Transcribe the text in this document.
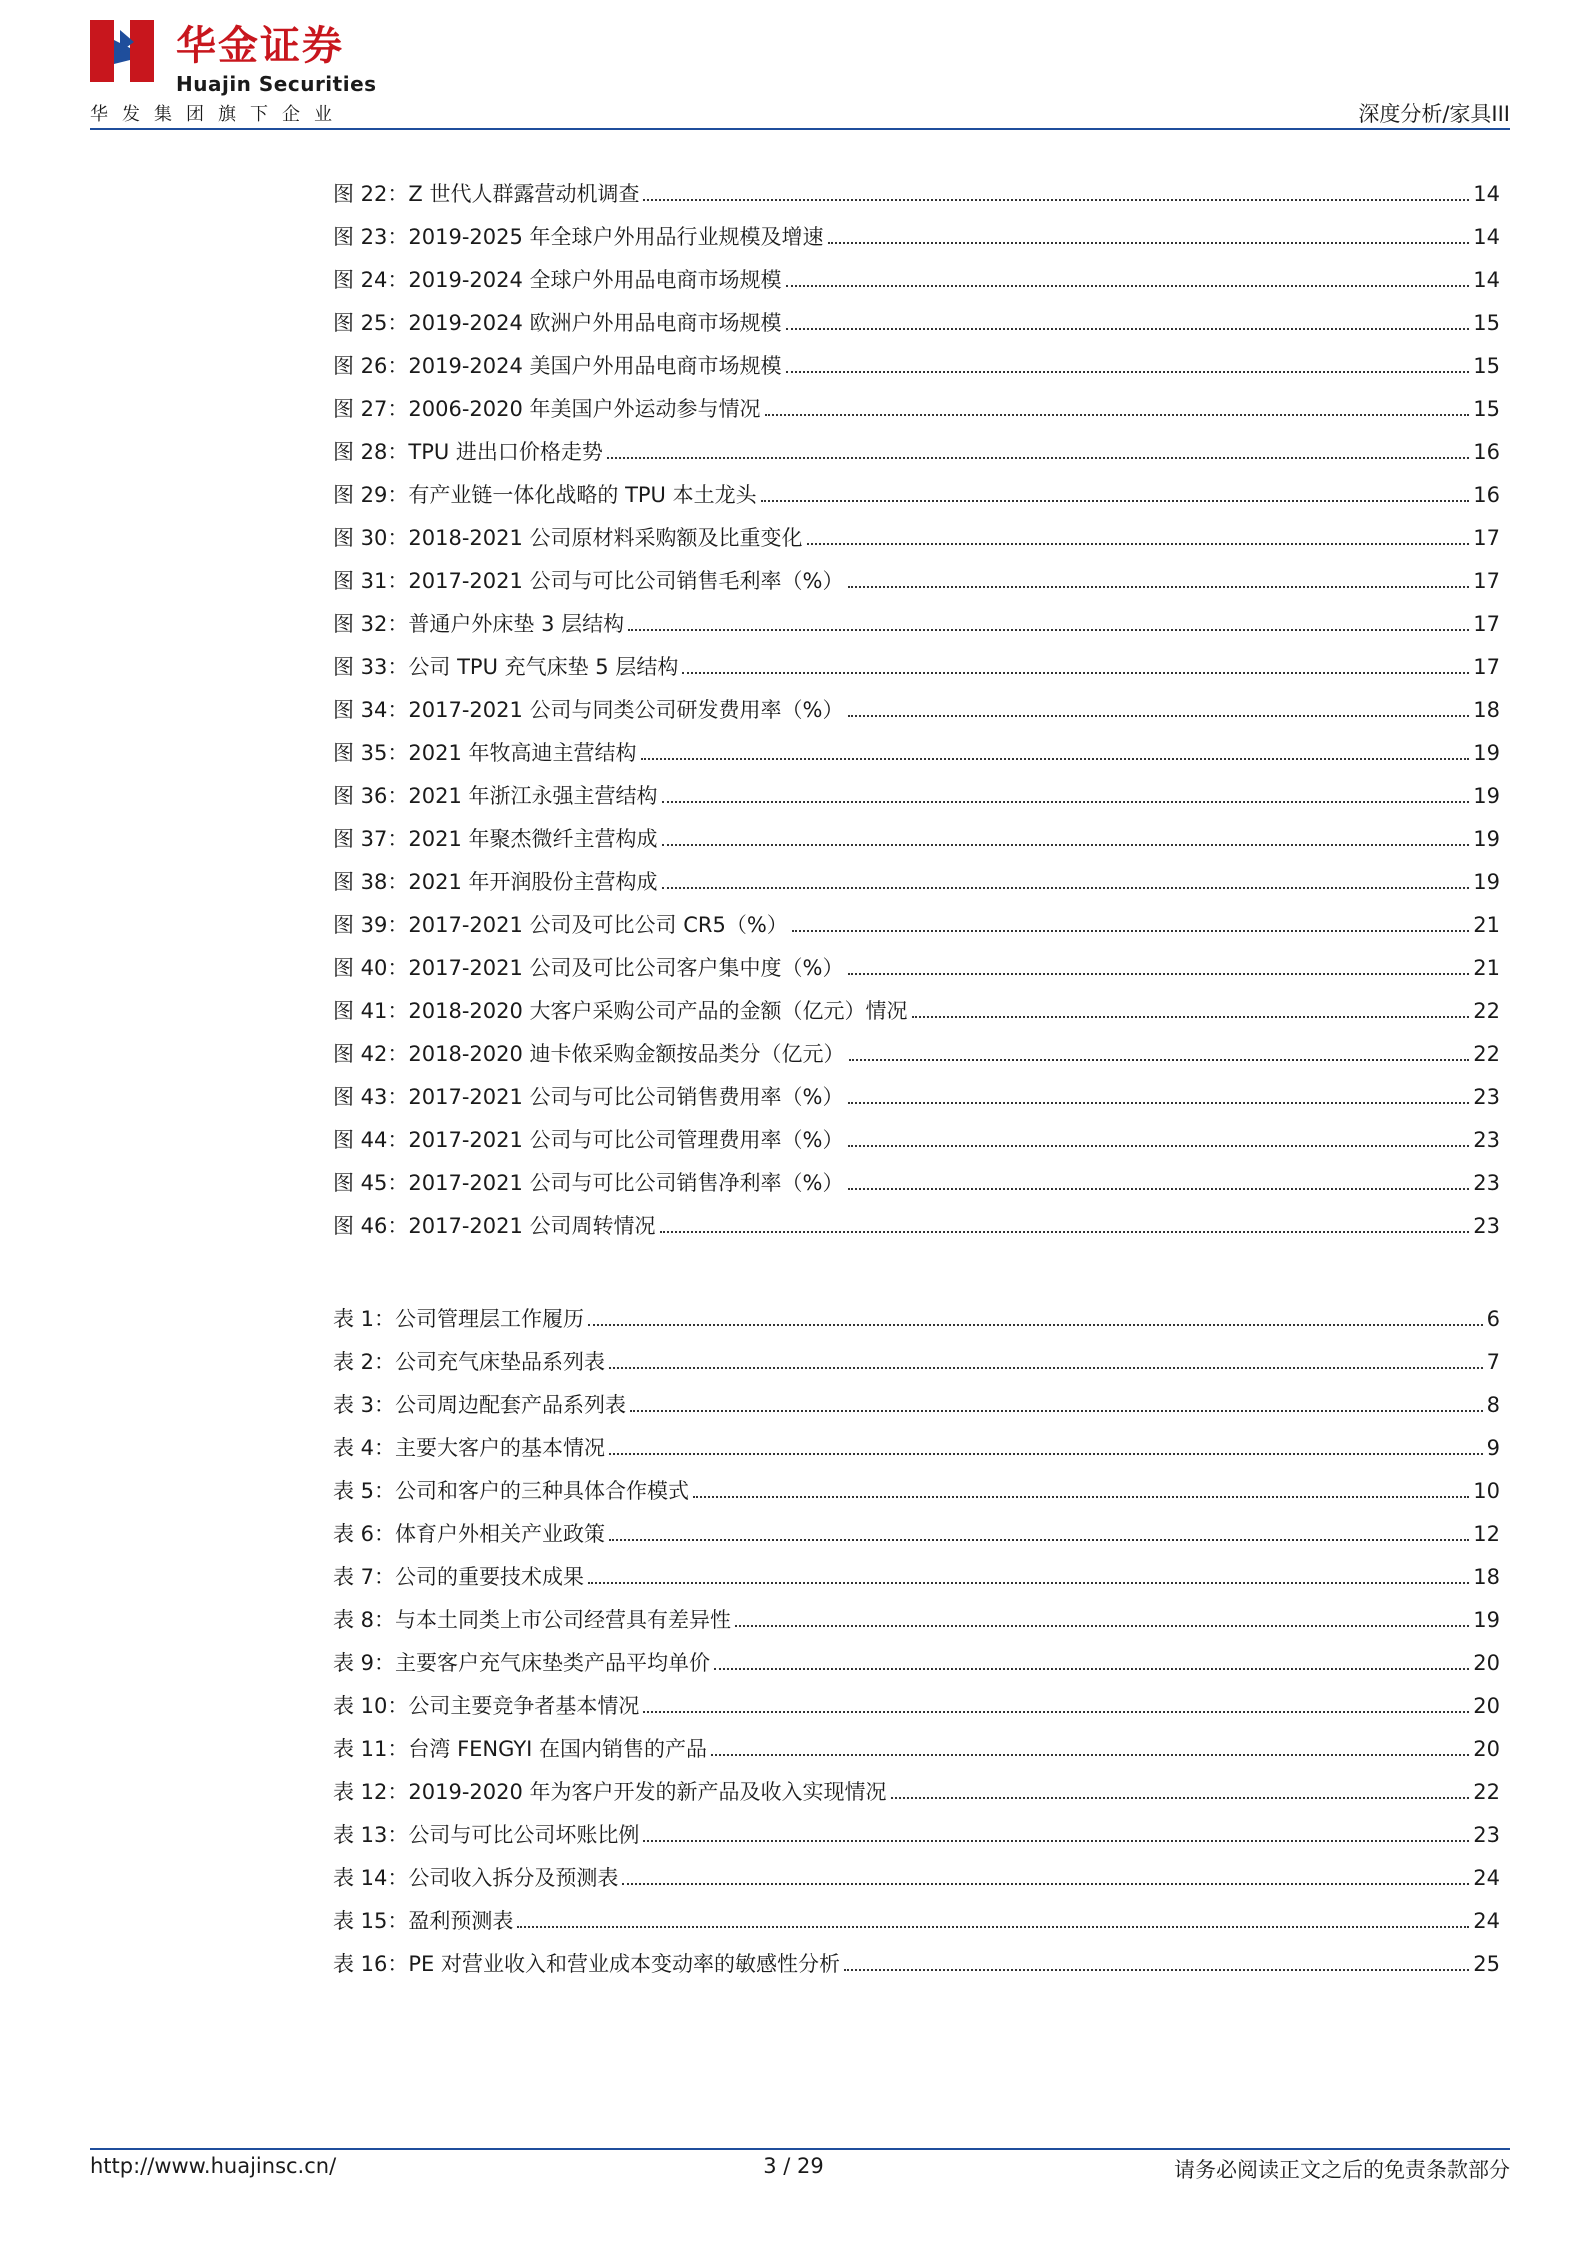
华金证券
Huajin Securities
华发集团旗下企业	深度分析/家具III
图 22：Z 世代人群露营动机调查	14
图 23：2019-2025 年全球户外用品行业规模及增速	14
图 24：2019-2024 全球户外用品电商市场规模	14
图 25：2019-2024 欧洲户外用品电商市场规模	15
图 26：2019-2024 美国户外用品电商市场规模	15
图 27：2006-2020 年美国户外运动参与情况	15
图 28：TPU 进出口价格走势	16
图 29：有产业链一体化战略的 TPU 本土龙头	16
图 30：2018-2021 公司原材料采购额及比重变化	17
图 31：2017-2021 公司与可比公司销售毛利率（%）	17
图 32：普通户外床垫 3 层结构	17
图 33：公司 TPU 充气床垫 5 层结构	17
图 34：2017-2021 公司与同类公司研发费用率（%）	18
图 35：2021 年牧高迪主营结构	19
图 36：2021 年浙江永强主营结构	19
图 37：2021 年聚杰微纤主营构成	19
图 38：2021 年开润股份主营构成	19
图 39：2017-2021 公司及可比公司 CR5（%）	21
图 40：2017-2021 公司及可比公司客户集中度（%）	21
图 41：2018-2020 大客户采购公司产品的金额（亿元）情况	22
图 42：2018-2020 迪卡侬采购金额按品类分（亿元）	22
图 43：2017-2021 公司与可比公司销售费用率（%）	23
图 44：2017-2021 公司与可比公司管理费用率（%）	23
图 45：2017-2021 公司与可比公司销售净利率（%）	23
图 46：2017-2021 公司周转情况	23
表 1：公司管理层工作履历	6
表 2：公司充气床垫品系列表	7
表 3：公司周边配套产品系列表	8
表 4：主要大客户的基本情况	9
表 5：公司和客户的三种具体合作模式	10
表 6：体育户外相关产业政策	12
表 7：公司的重要技术成果	18
表 8：与本土同类上市公司经营具有差异性	19
表 9：主要客户充气床垫类产品平均单价	20
表 10：公司主要竞争者基本情况	20
表 11：台湾 FENGYI 在国内销售的产品	20
表 12：2019-2020 年为客户开发的新产品及收入实现情况	22
表 13：公司与可比公司坏账比例	23
表 14：公司收入拆分及预测表	24
表 15：盈利预测表	24
表 16：PE 对营业收入和营业成本变动率的敏感性分析	25
http://www.huajinsc.cn/	3 / 29	请务必阅读正文之后的免责条款部分
